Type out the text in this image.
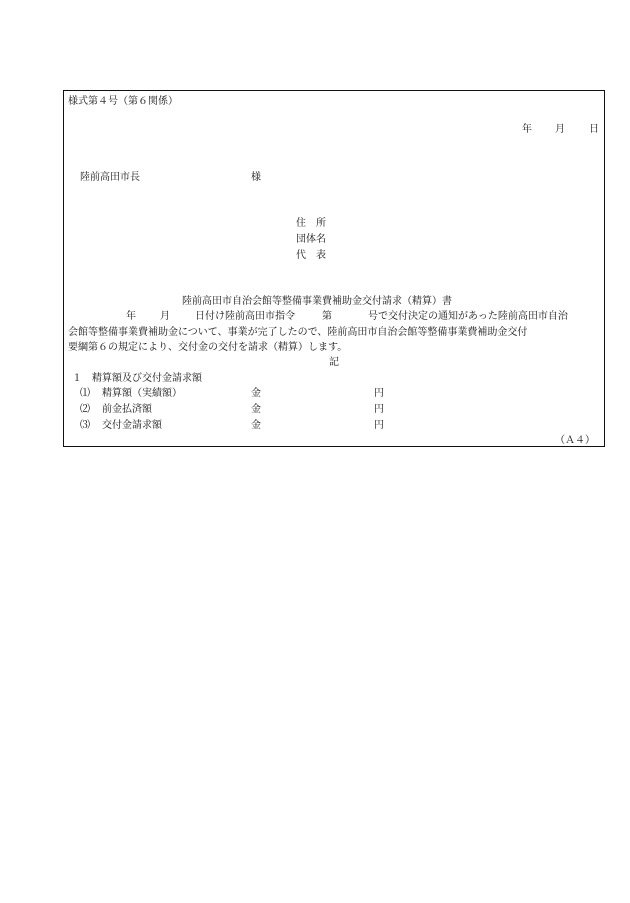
様式第４号（第６関係）
年 月 日
陸前高田市長	様
住　所
団体名
代　表
陸前高田市自治会館等整備事業費補助金交付請求（精算）書
年 月	日付け陸前高田市指令	第	号で交付決定の通知があった陸前高田市自治
会館等整備事業費補助金について、事業が完了したので、陸前高田市自治会館等整備事業費補助金交付
要綱第６の規定により、交付金の交付を請求（精算）します。
記
１　精算額及び交付金請求額
⑴ 精算額（実績額）	金	円
⑵ 前金払済額	金	円
⑶ 交付金請求額	金	円
（Ａ４）
